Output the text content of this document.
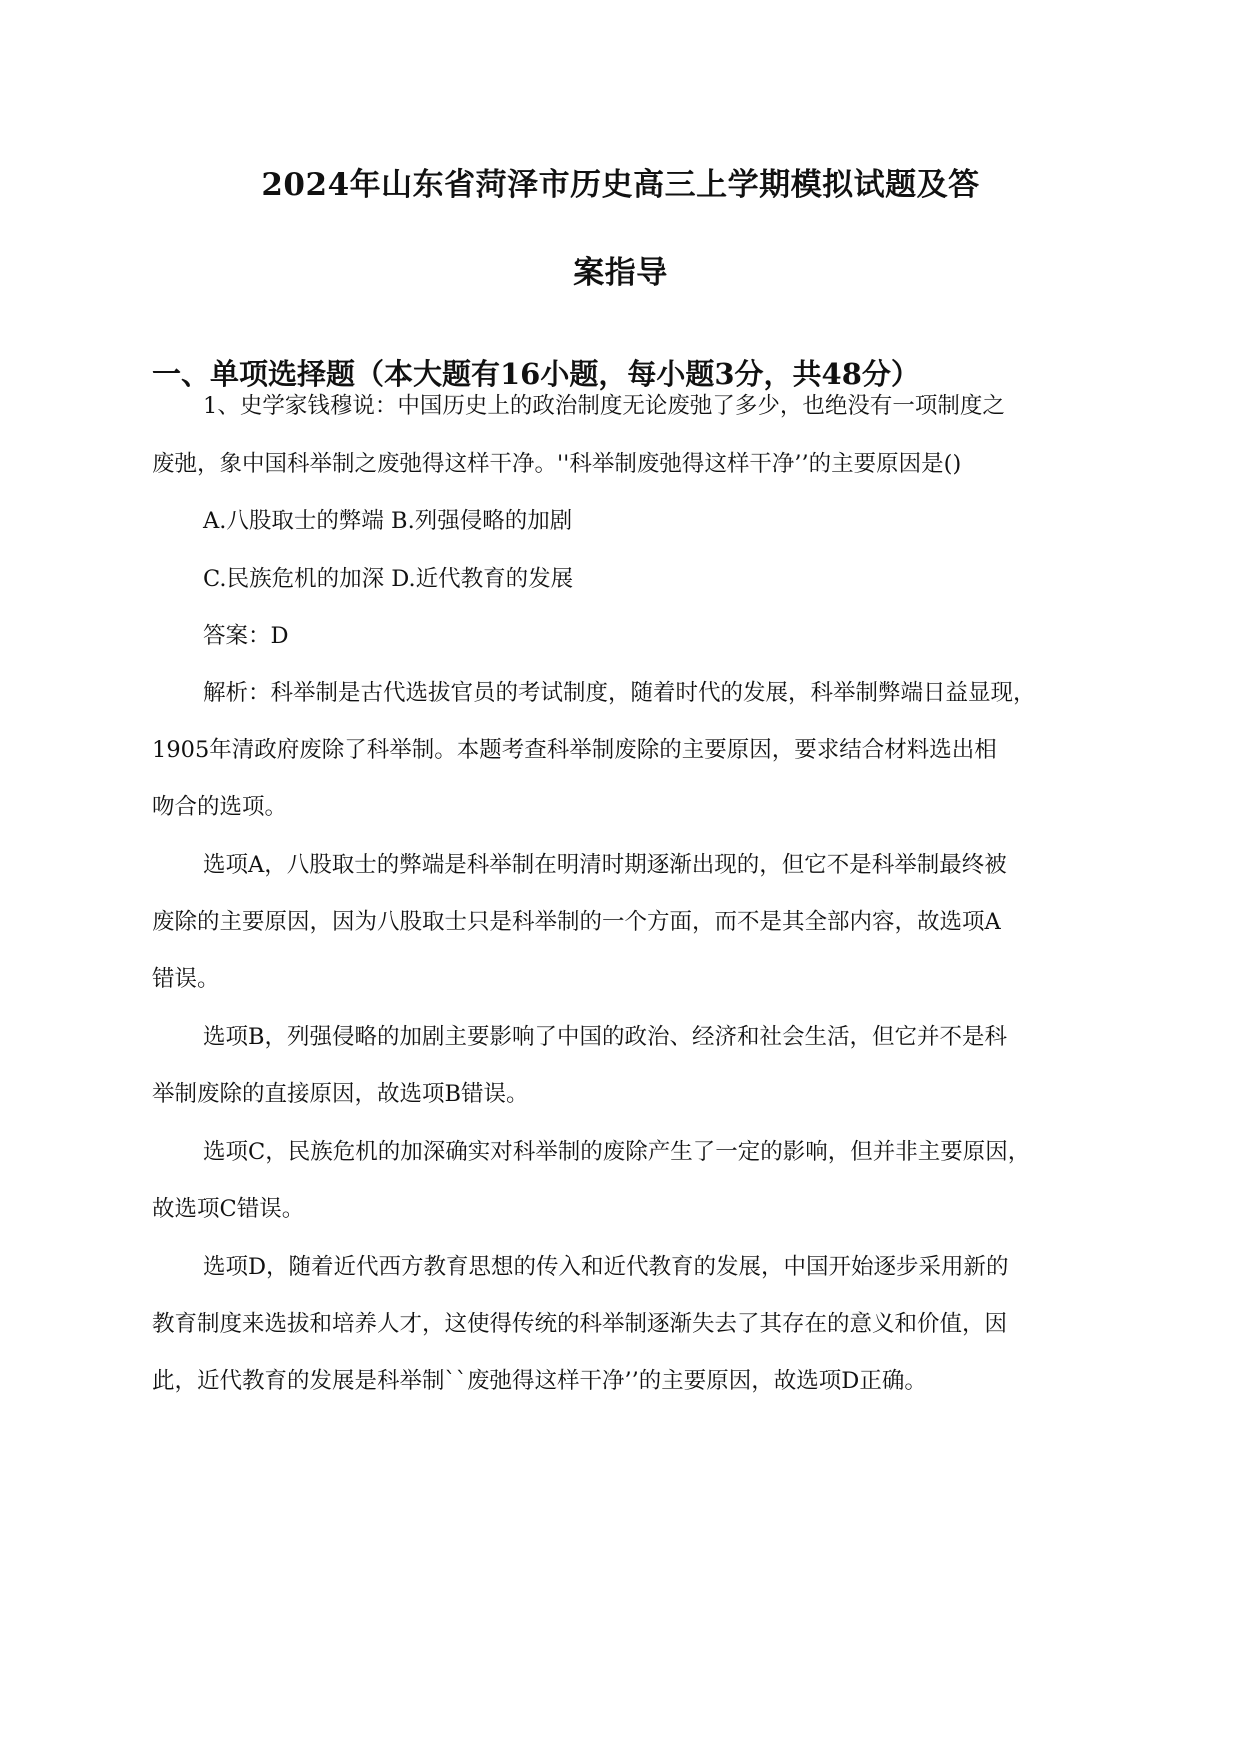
2024年山东省菏泽市历史高三上学期模拟试题及答
案指导
一、单项选择题（本大题有16小题，每小题3分，共48分）
1、史学家钱穆说：中国历史上的政治制度无论废弛了多少，也绝没有一项制度之
废弛，象中国科举制之废弛得这样干净。''科举制废弛得这样干净’’的主要原因是()
A.八股取士的弊端 B.列强侵略的加剧
C.民族危机的加深 D.近代教育的发展
答案：D
解析：科举制是古代选拔官员的考试制度，随着时代的发展，科举制弊端日益显现，
1905年清政府废除了科举制。本题考查科举制废除的主要原因，要求结合材料选出相
吻合的选项。
选项A，八股取士的弊端是科举制在明清时期逐渐出现的，但它不是科举制最终被
废除的主要原因，因为八股取士只是科举制的一个方面，而不是其全部内容，故选项A
错误。
选项B，列强侵略的加剧主要影响了中国的政治、经济和社会生活，但它并不是科
举制废除的直接原因，故选项B错误。
选项C，民族危机的加深确实对科举制的废除产生了一定的影响，但并非主要原因，
故选项C错误。
选项D，随着近代西方教育思想的传入和近代教育的发展，中国开始逐步采用新的
教育制度来选拔和培养人才，这使得传统的科举制逐渐失去了其存在的意义和价值，因
此，近代教育的发展是科举制``废弛得这样干净’’的主要原因，故选项D正确。
